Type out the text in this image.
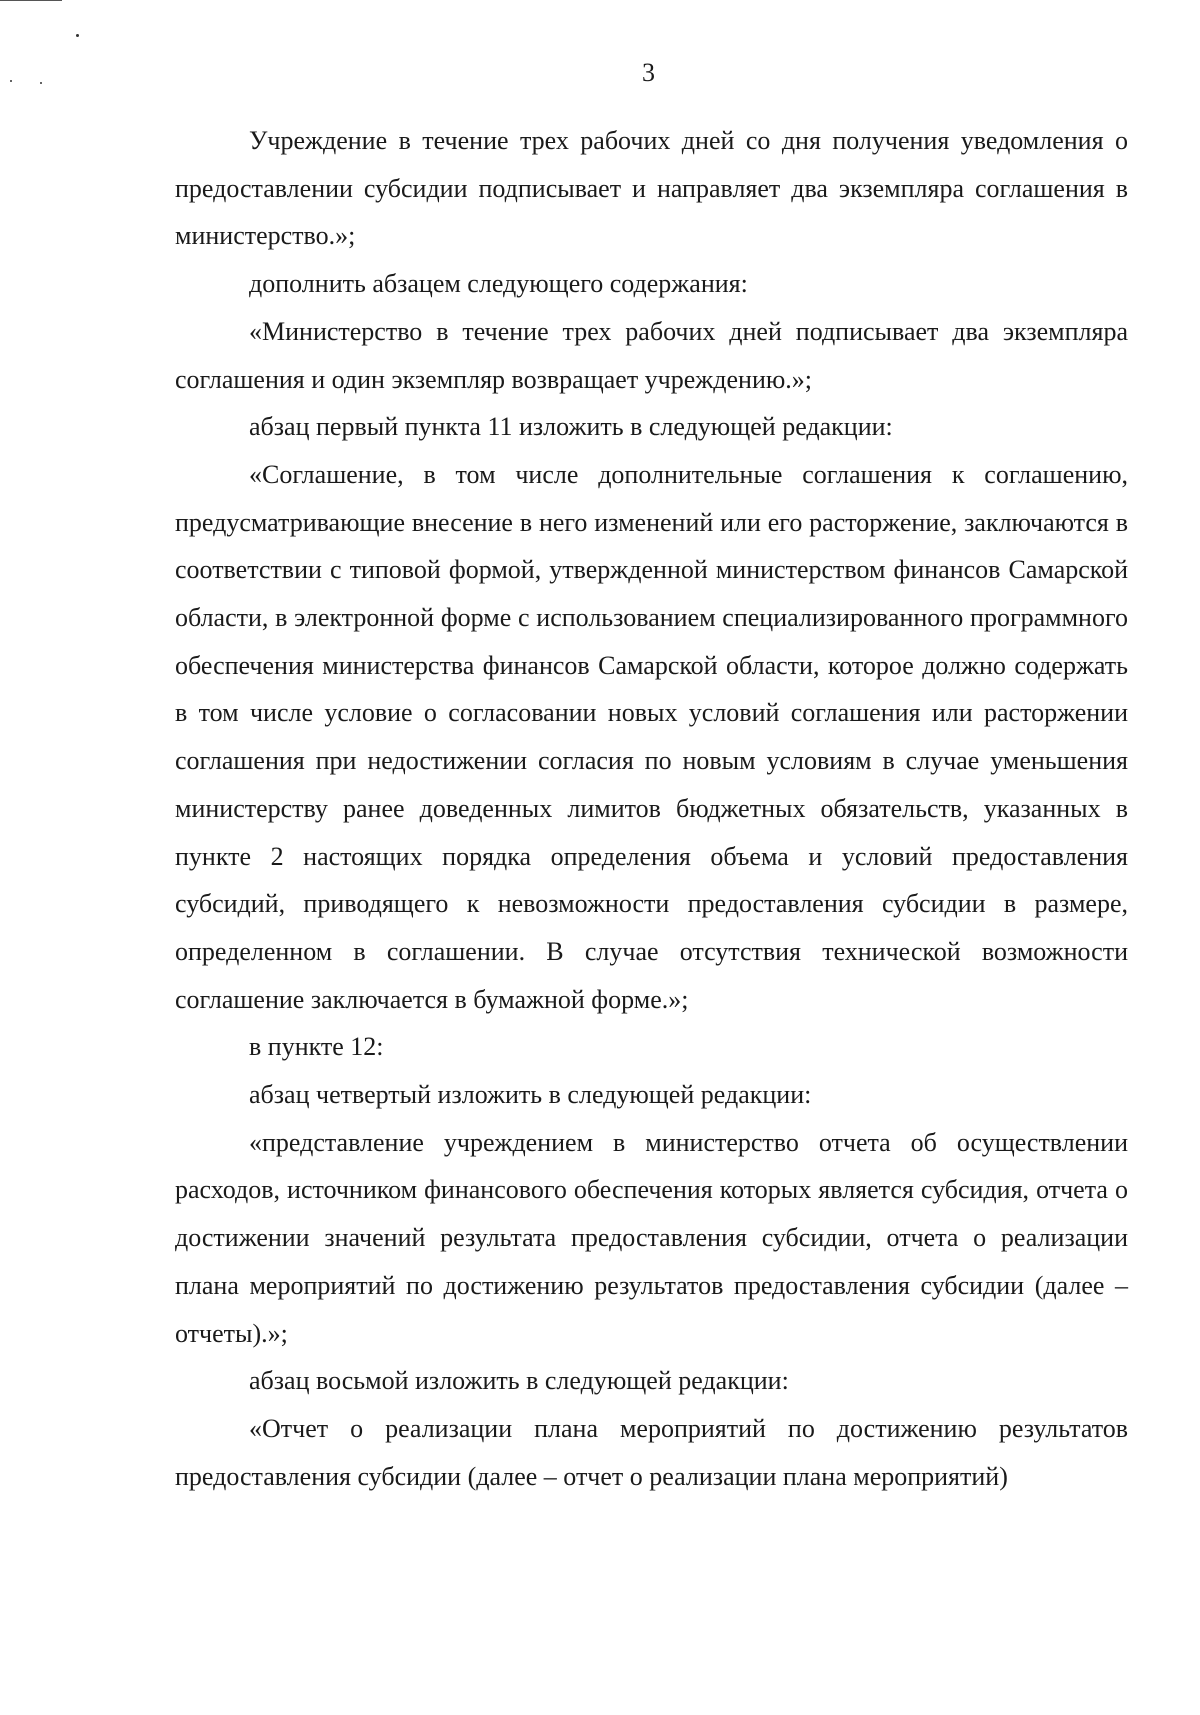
3

Учреждение в течение трех рабочих дней со дня получения уведомления о предоставлении субсидии подписывает и направляет два экземпляра соглашения в министерство.»;

дополнить абзацем следующего содержания:

«Министерство в течение трех рабочих дней подписывает два экземпляра соглашения и один экземпляр возвращает учреждению.»;

абзац первый пункта 11 изложить в следующей редакции:

«Соглашение, в том числе дополнительные соглашения к соглашению, предусматривающие внесение в него изменений или его расторжение, заключаются в соответствии с типовой формой, утвержденной министерством финансов Самарской области, в электронной форме с использованием специализированного программного обеспечения министерства финансов Самарской области, которое должно содержать в том числе условие о согласовании новых условий соглашения или расторжении соглашения при недостижении согласия по новым условиям в случае уменьшения министерству ранее доведенных лимитов бюджетных обязательств, указанных в пункте 2 настоящих порядка определения объема и условий предоставления субсидий, приводящего к невозможности предоставления субсидии в размере, определенном в соглашении. В случае отсутствия технической возможности соглашение заключается в бумажной форме.»;

в пункте 12:

абзац четвертый изложить в следующей редакции:

«представление учреждением в министерство отчета об осуществлении расходов, источником финансового обеспечения которых является субсидия, отчета о достижении значений результата предоставления субсидии, отчета о реализации плана мероприятий по достижению результатов предоставления субсидии (далее – отчеты).»;

абзац восьмой изложить в следующей редакции:

«Отчет о реализации плана мероприятий по достижению результатов предоставления субсидии (далее – отчет о реализации плана мероприятий)
